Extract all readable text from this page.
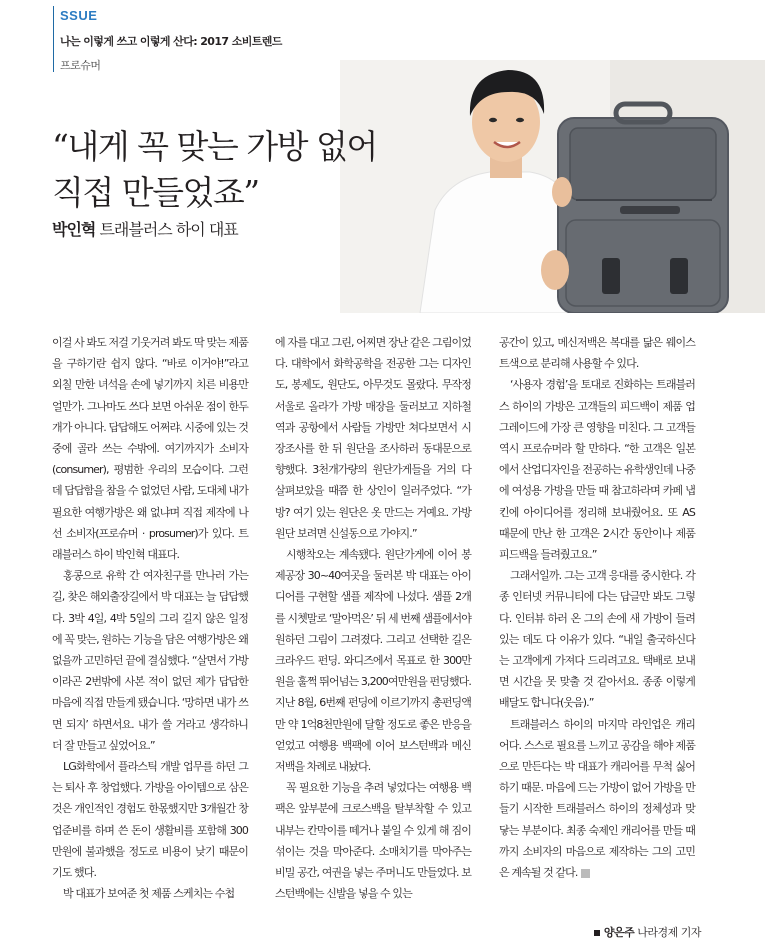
SSUE
나는 이렇게 쓰고 이렇게 산다: 2017 소비트렌드
프로슈머
“내게 꼭 맞는 가방 없어
직접 만들었죠”
박인혁 트래블러스 하이 대표

이걸 사 봐도 저걸 기웃거려 봐도 딱 맞는 제품을 구하기란 쉽지 않다. “바로 이거야!”라고 외칠 만한 녀석을 손에 넣기까지 치른 비용만 얼만가. 그나마도 쓰다 보면 아쉬운 점이 한두 개가 아니다. 답답해도 어쩌랴. 시중에 있는 것 중에 골라 쓰는 수밖에. 여기까지가 소비자(consumer), 평범한 우리의 모습이다. 그런데 답답함을 참을 수 없었던 사람, 도대체 내가 필요한 여행가방은 왜 없냐며 직접 제작에 나선 소비자(프로슈머 · prosumer)가 있다. 트래블러스 하이 박인혁 대표다.

홍콩으로 유학 간 여자친구를 만나러 가는 길, 찾은 해외출장길에서 박 대표는 늘 답답했다. 3박 4일, 4박 5일의 그리 길지 않은 일정에 꼭 맞는, 원하는 기능을 담은 여행가방은 왜 없을까 고민하던 끝에 결심했다. “살면서 가방이라곤 2번밖에 사본 적이 없던 제가 답답한 마음에 직접 만들게 됐습니다. ‘망하면 내가 쓰면 되지’ 하면서요. 내가 쓸 거라고 생각하니 더 잘 만들고 싶었어요.”

LG화학에서 플라스틱 개발 업무를 하던 그는 퇴사 후 창업했다. 가방을 아이템으로 삼은 것은 개인적인 경험도 한몫했지만 3개월간 창업준비를 하며 쓴 돈이 생활비를 포함해 300만원에 불과했을 정도로 비용이 낮기 때문이기도 했다.

박 대표가 보여준 첫 제품 스케치는 수첩

에 자를 대고 그린, 어찌면 장난 같은 그림이었다. 대학에서 화학공학을 전공한 그는 디자인도, 봉제도, 원단도, 아무것도 몰랐다. 무작정 서울로 올라가 가방 매장을 둘러보고 지하철역과 공항에서 사람들 가방만 쳐다보면서 시장조사를 한 뒤 원단을 조사하러 동대문으로 향했다. 3천개가량의 원단가게들을 거의 다 살펴보았을 때쯤 한 상인이 일러주었다. “가방? 여기 있는 원단은 옷 만드는 거예요. 가방원단 보려면 신설동으로 가야지.”

시행착오는 계속됐다. 원단가게에 이어 봉제공장 30~40여곳을 둘러본 박 대표는 아이디어를 구현할 샘플 제작에 나섰다. 샘플 2개를 시쳇말로 ‘말아먹은’ 뒤 세 번째 샘플에서야 원하던 그림이 그려졌다. 그리고 선택한 길은 크라우드 펀딩. 와디즈에서 목표로 한 300만원을 훌쩍 뛰어넘는 3,200여만원을 펀딩했다. 지난 8월, 6번째 펀딩에 이르기까지 총펀딩액만 약 1억8천만원에 달할 정도로 좋은 반응을 얻었고 여행용 백팩에 이어 보스턴백과 메신저백을 차례로 내놨다.

꼭 필요한 기능을 추려 넣었다는 여행용 백팩은 앞부분에 크로스백을 탈부착할 수 있고 내부는 칸막이를 떼거나 붙일 수 있게 해 짐이 섞이는 것을 막아준다. 소매치기를 막아주는 비밀 공간, 여권을 넣는 주머니도 만들었다. 보스턴백에는 신발을 넣을 수 있는

공간이 있고, 메신저백은 복대를 닮은 웨이스트색으로 분리해 사용할 수 있다.

‘사용자 경험’을 토대로 진화하는 트래블러스 하이의 가방은 고객들의 피드백이 제품 업그레이드에 가장 큰 영향을 미친다. 그 고객들 역시 프로슈머라 할 만하다. “한 고객은 일본에서 산업디자인을 전공하는 유학생인데 나중에 여성용 가방을 만들 때 참고하라며 카페 냅킨에 아이디어를 정리해 보내줬어요. 또 AS 때문에 만난 한 고객은 2시간 동안이나 제품 피드백을 들려줬고요.”

그래서일까. 그는 고객 응대를 중시한다. 각종 인터넷 커뮤니티에 다는 답글만 봐도 그렇다. 인터뷰 하러 온 그의 손에 새 가방이 들려 있는 데도 다 이유가 있다. “내일 출국하신다는 고객에게 가져다 드리려고요. 택배로 보내면 시간을 못 맞출 것 같아서요. 종종 이렇게 배달도 합니다(웃음).”

트래블러스 하이의 마지막 라인업은 캐리어다. 스스로 필요를 느끼고 공감을 해야 제품으로 만든다는 박 대표가 캐리어를 무척 싫어하기 때문. 마음에 드는 가방이 없어 가방을 만들기 시작한 트래블러스 하이의 정체성과 맞닿는 부분이다. 최종 숙제인 캐리어를 만들 때까지 소비자의 마음으로 제작하는 그의 고민은 계속될 것 같다.

양은주 나라경제 기자
